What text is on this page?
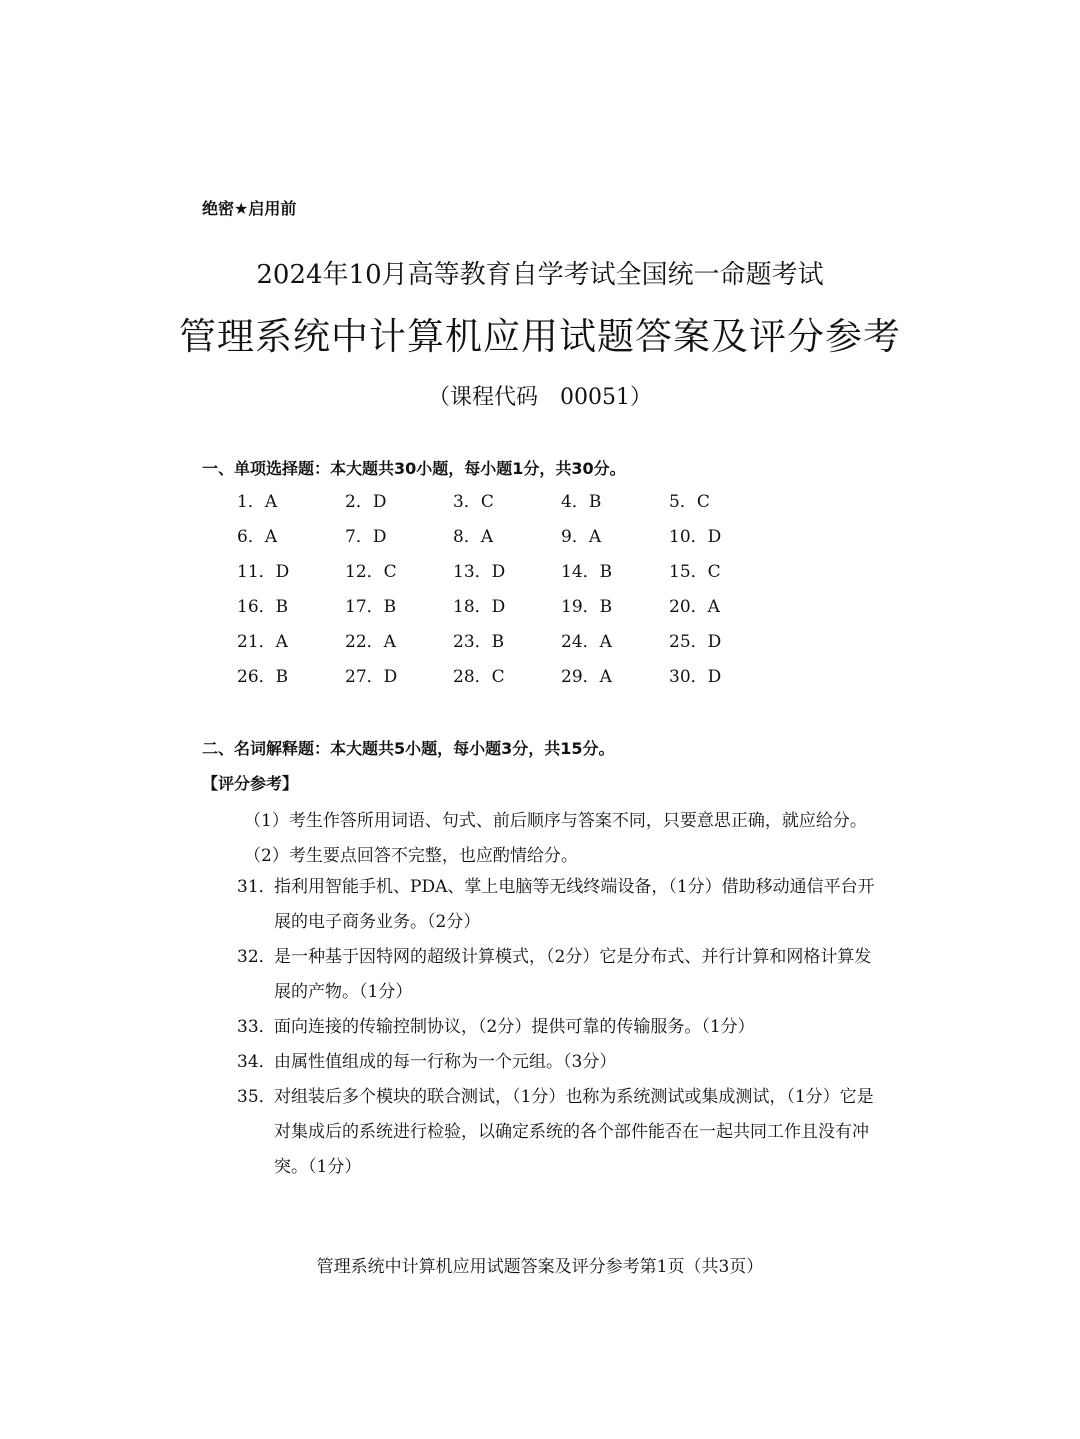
绝密★启用前
2024年10月高等教育自学考试全国统一命题考试
管理系统中计算机应用试题答案及评分参考
（课程代码　00051）
一、单项选择题：本大题共30小题，每小题1分，共30分。
1．A	2．D	3．C	4．B	5．C
6．A	7．D	8．A	9．A	10．D
11．D	12．C	13．D	14．B	15．C
16．B	17．B	18．D	19．B	20．A
21．A	22．A	23．B	24．A	25．D
26．B	27．D	28．C	29．A	30．D
二、名词解释题：本大题共5小题，每小题3分，共15分。
【评分参考】
（1）考生作答所用词语、句式、前后顺序与答案不同，只要意思正确，就应给分。
（2）考生要点回答不完整，也应酌情给分。
31．
指利用智能手机、PDA、掌上电脑等无线终端设备，（1分）借助移动通信平台开展的电子商务业务。（2分）
32．
是一种基于因特网的超级计算模式，（2分）它是分布式、并行计算和网格计算发展的产物。（1分）
33．
面向连接的传输控制协议，（2分）提供可靠的传输服务。（1分）
34．
由属性值组成的每一行称为一个元组。（3分）
35．
对组装后多个模块的联合测试，（1分）也称为系统测试或集成测试，（1分）它是对集成后的系统进行检验，以确定系统的各个部件能否在一起共同工作且没有冲突。（1分）
管理系统中计算机应用试题答案及评分参考第1页（共3页）
